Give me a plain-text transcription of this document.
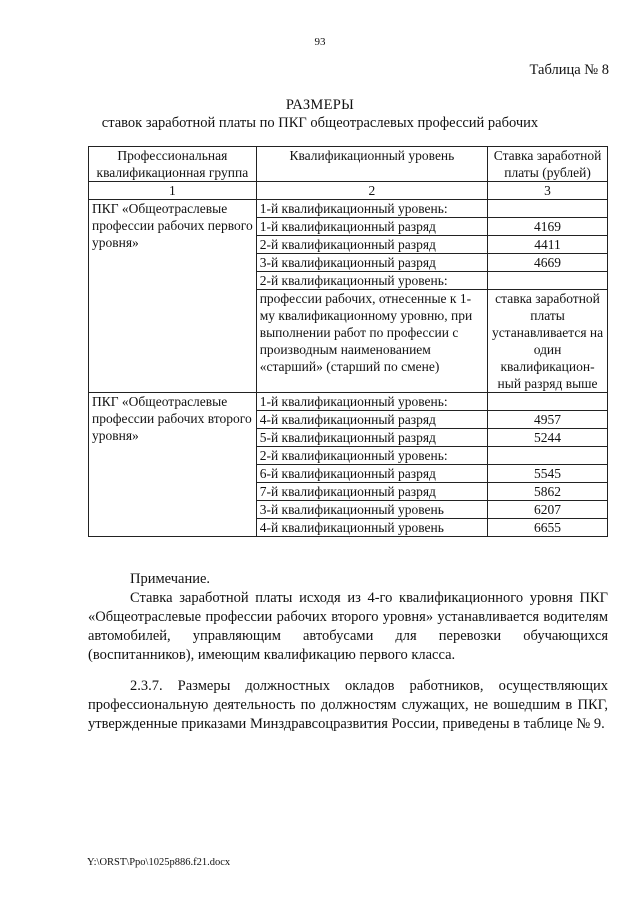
93
Таблица № 8
РАЗМЕРЫ
ставок заработной платы по ПКГ общеотраслевых профессий рабочих
Профессиональная квалификационная группа	Квалификационный уровень	Ставка заработной платы (рублей)
1	2	3
ПКГ «Общеотраслевые профессии рабочих первого уровня»	1-й квалификационный уровень:	
	1-й квалификационный разряд	4169
	2-й квалификационный разряд	4411
	3-й квалификационный разряд	4669
	2-й квалификационный уровень:	
	профессии рабочих, отнесенные к 1-му квалификационному уровню, при выполнении работ по профессии с производным наименованием «старший» (старший по смене)	ставка заработной платы устанавливается на один квалификацион-ный разряд выше
ПКГ «Общеотраслевые профессии рабочих второго уровня»	1-й квалификационный уровень:	
	4-й квалификационный разряд	4957
	5-й квалификационный разряд	5244
	2-й квалификационный уровень:	
	6-й квалификационный разряд	5545
	7-й квалификационный разряд	5862
	3-й квалификационный уровень	6207
	4-й квалификационный уровень	6655

Примечание.

Ставка заработной платы исходя из 4-го квалификационного уровня ПКГ «Общеотраслевые профессии рабочих второго уровня» устанавливается водителям автомобилей, управляющим автобусами для перевозки обучающихся (воспитанников), имеющим квалификацию первого класса.

2.3.7. Размеры должностных окладов работников, осуществляющих профессиональную деятельность по должностям служащих, не вошедшим в ПКГ, утвержденные приказами Минздравсоцразвития России, приведены в таблице № 9.

Y:\ORST\Ppo\1025p886.f21.docx
